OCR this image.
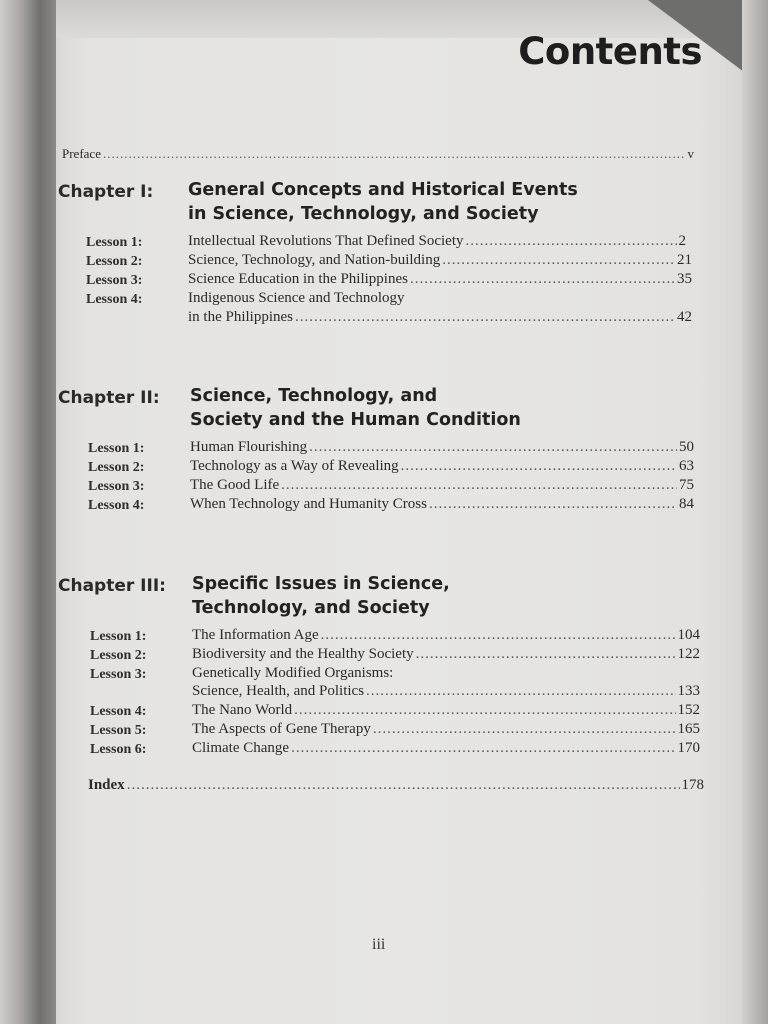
Contents
Preface .....	v
Chapter I: General Concepts and Historical Events
in Science, Technology, and Society
Lesson 1:	Intellectual Revolutions That Defined Society .....	2
Lesson 2:	Science, Technology, and Nation-building .....	21
Lesson 3:	Science Education in the Philippines .....	35
Lesson 4:	Indigenous Science and Technology
in the Philippines .....	42
Chapter II: Science, Technology, and
Society and the Human Condition
Lesson 1:	Human Flourishing .....	50
Lesson 2:	Technology as a Way of Revealing .....	63
Lesson 3:	The Good Life .....	75
Lesson 4:	When Technology and Humanity Cross .....	84
Chapter III: Specific Issues in Science,
Technology, and Society
Lesson 1:	The Information Age .....	104
Lesson 2:	Biodiversity and the Healthy Society .....	122
Lesson 3:	Genetically Modified Organisms:
Science, Health, and Politics .....	133
Lesson 4:	The Nano World .....	152
Lesson 5:	The Aspects of Gene Therapy .....	165
Lesson 6:	Climate Change .....	170
Index .....	178
iii
